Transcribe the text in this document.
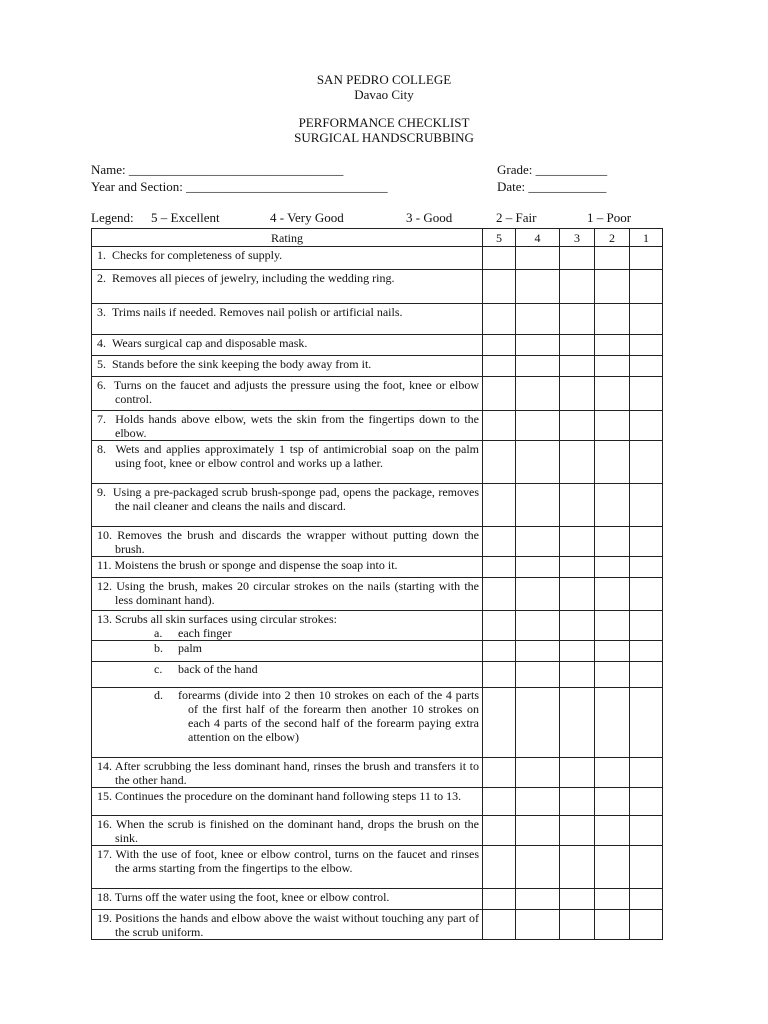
SAN PEDRO COLLEGE
Davao City
PERFORMANCE CHECKLIST
SURGICAL HANDSCRUBBING
Name: _________________________________
Year and Section: _______________________________
Grade: ___________
Date: ____________
Legend: 5 – Excellent	4 - Very Good	3 - Good	2 – Fair	1 – Poor
Rating	5	4	3	2	1

1.  Checks for completeness of supply.					

2.  Removes all pieces of jewelry, including the wedding ring.					

3.  Trims nails if needed. Removes nail polish or artificial nails.					

4.  Wears surgical cap and disposable mask.					

5.  Stands before the sink keeping the body away from it.					

6.  Turns on the faucet and adjusts the pressure using the foot, knee or elbow control.					

7.  Holds hands above elbow, wets the skin from the fingertips down to the elbow.					

8.  Wets and applies approximately 1 tsp of antimicrobial soap on the palm using foot, knee or elbow control and works up a lather.					

9.  Using a pre-packaged scrub brush-sponge pad, opens the package, removes the nail cleaner and cleans the nails and discard.					

10. Removes the brush and discards the wrapper without putting down the brush.					

11. Moistens the brush or sponge and dispense the soap into it.					

12. Using the brush, makes 20 circular strokes on the nails (starting with the less dominant hand).					

13. Scrubs all skin surfaces using circular strokes:
a. each finger					

b. palm					

c. back of the hand					

d. forearms (divide into 2 then 10 strokes on each of the 4 parts of the first half of the forearm then another 10 strokes on each 4 parts of the second half of the forearm paying extra attention on the elbow)					

14. After scrubbing the less dominant hand, rinses the brush and transfers it to the other hand.					

15. Continues the procedure on the dominant hand following steps 11 to 13.					

16. When the scrub is finished on the dominant hand, drops the brush on the sink.					

17. With the use of foot, knee or elbow control, turns on the faucet and rinses the arms starting from the fingertips to the elbow.					

18. Turns off the water using the foot, knee or elbow control.					

19. Positions the hands and elbow above the waist without touching any part of the scrub uniform.					
